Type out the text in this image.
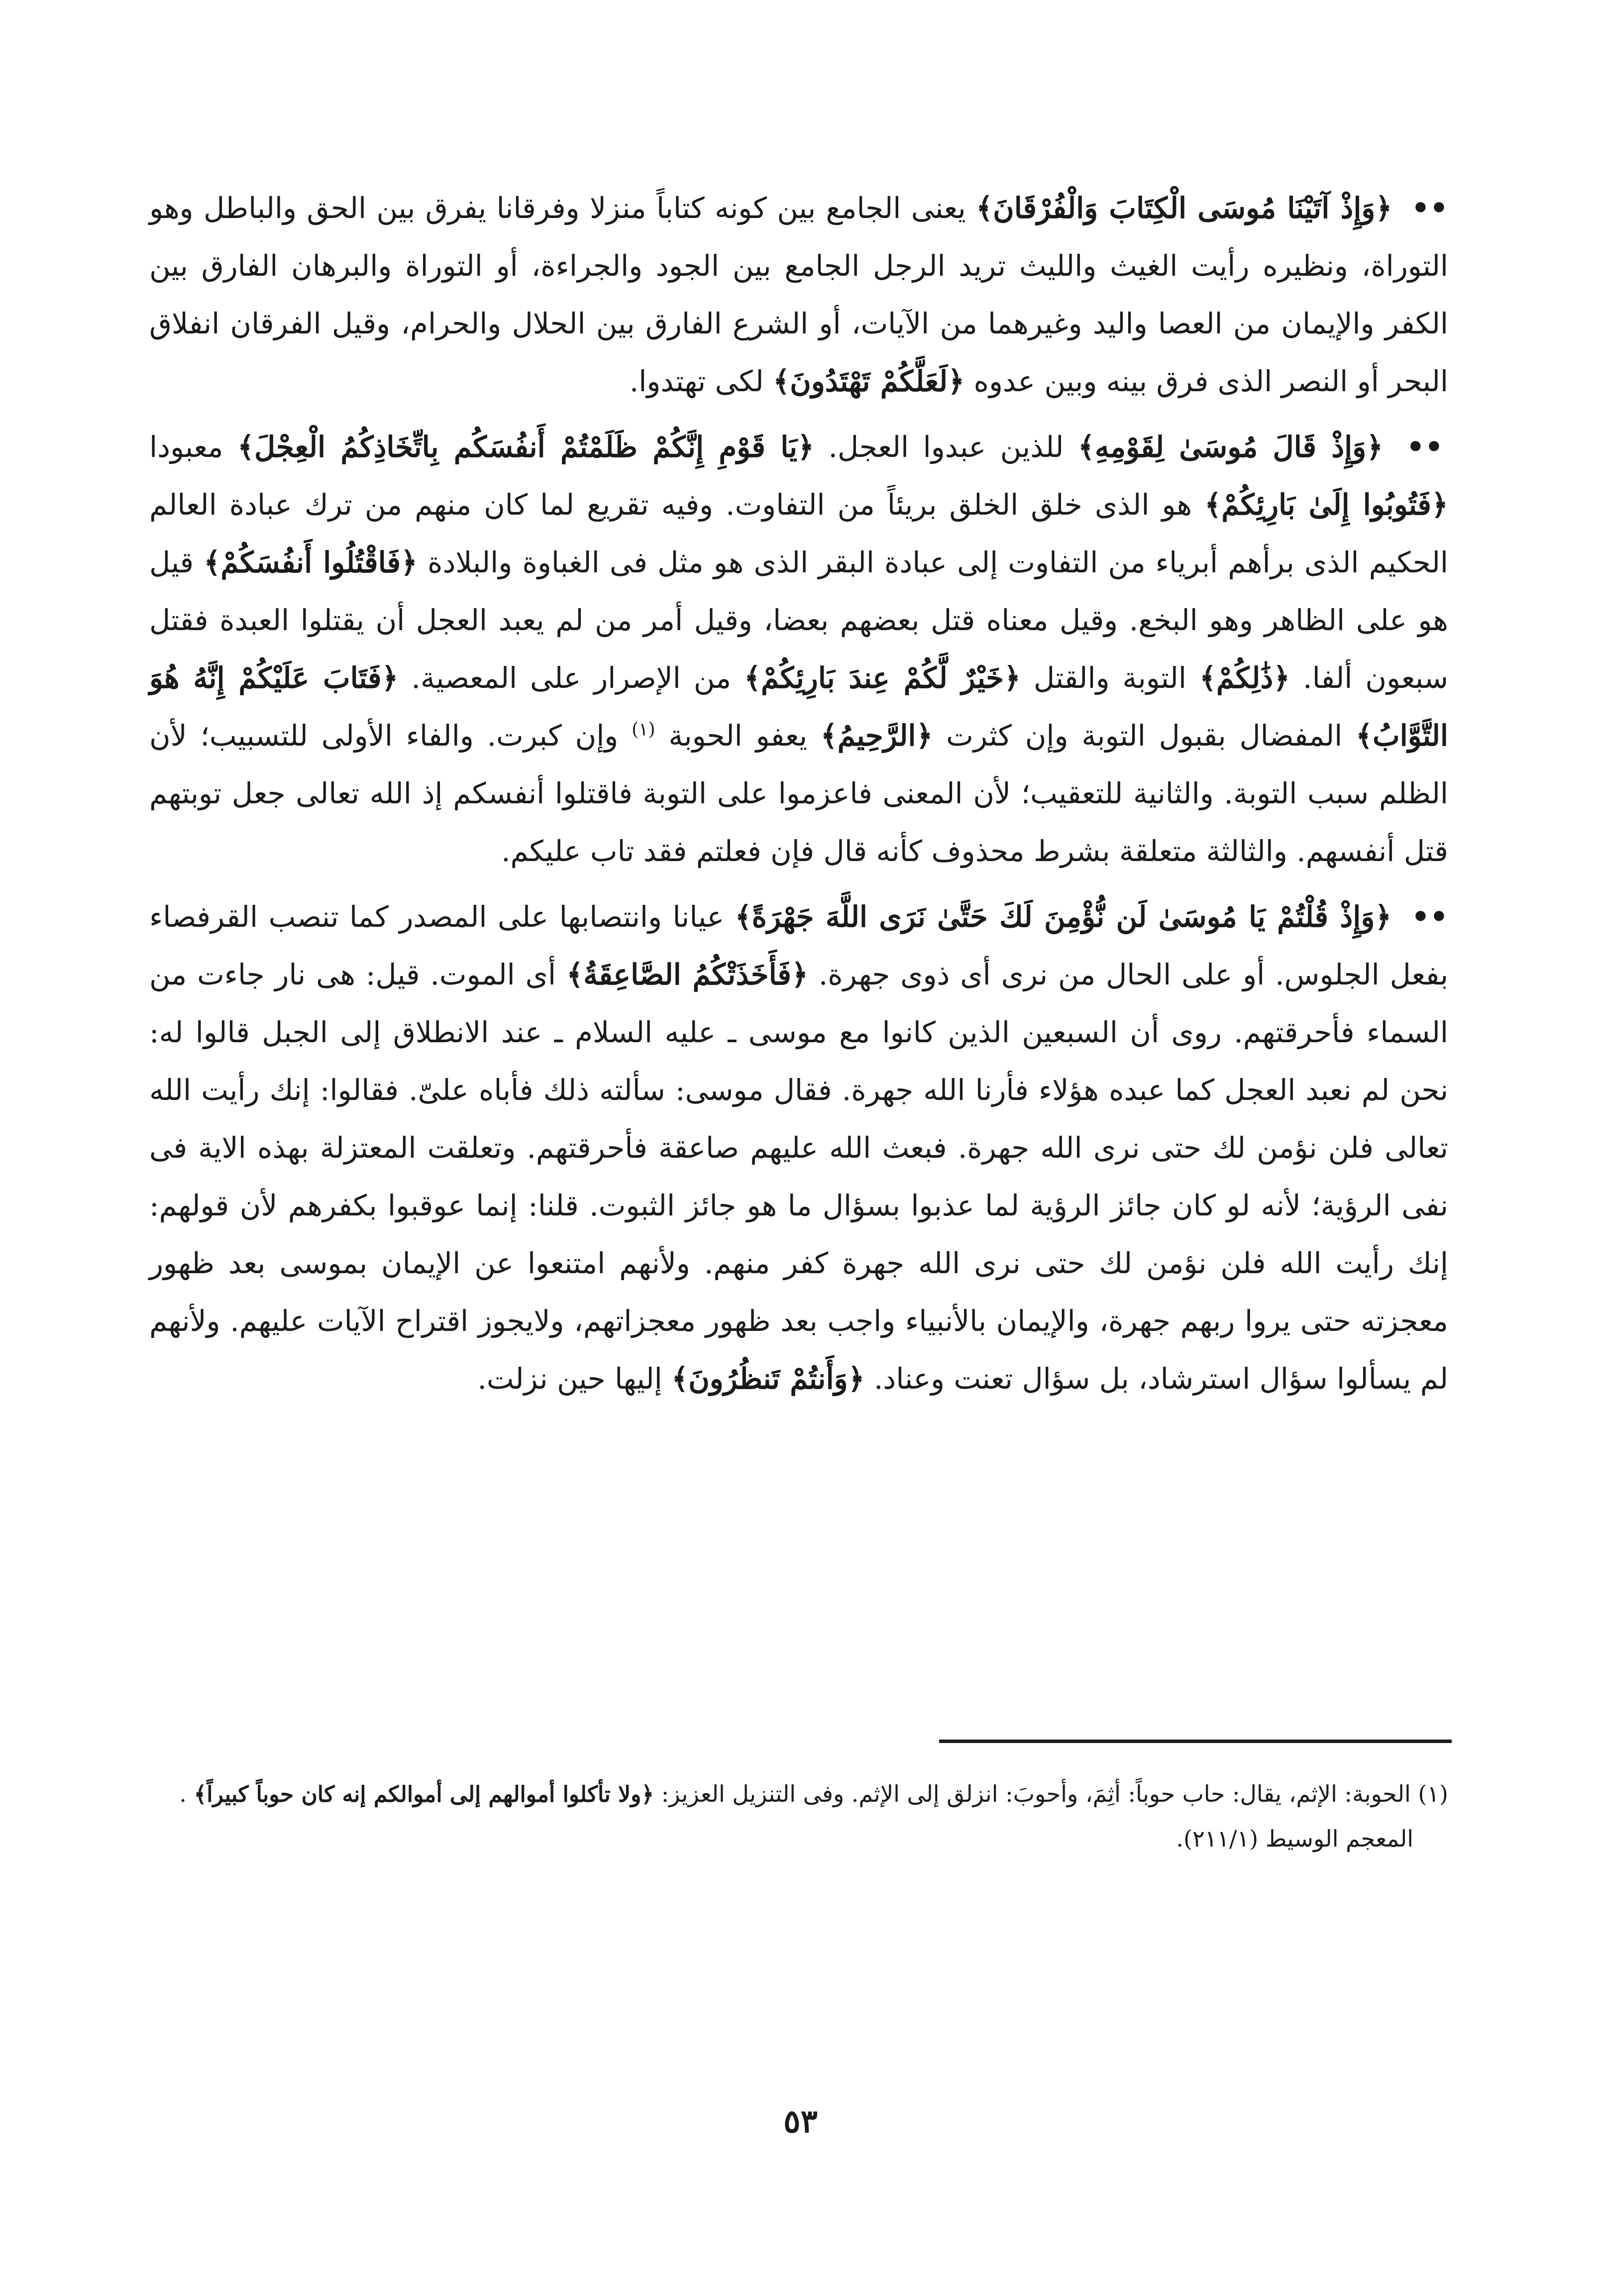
•• ﴿وَإِذْ آتَيْنَا مُوسَى الْكِتَابَ وَالْفُرْقَانَ﴾ يعنى الجامع بين كونه كتاباً منزلا وفرقانا يفرق بين الحق والباطل وهو التوراة، ونظيره رأيت الغيث والليث تريد الرجل الجامع بين الجود والجراءة، أو التوراة والبرهان الفارق بين الكفر والإيمان من العصا واليد وغيرهما من الآيات، أو الشرع الفارق بين الحلال والحرام، وقيل الفرقان انفلاق البحر أو النصر الذى فرق بينه وبين عدوه ﴿لَعَلَّكُمْ تَهْتَدُونَ﴾ لكى تهتدوا.

•• ﴿وَإِذْ قَالَ مُوسَىٰ لِقَوْمِهِ﴾ للذين عبدوا العجل. ﴿يَا قَوْمِ إِنَّكُمْ ظَلَمْتُمْ أَنفُسَكُم بِاتِّخَاذِكُمُ الْعِجْلَ﴾ معبودا ﴿فَتُوبُوا إِلَىٰ بَارِئِكُمْ﴾ هو الذى خلق الخلق بريئاً من التفاوت. وفيه تقريع لما كان منهم من ترك عبادة العالم الحكيم الذى برأهم أبرياء من التفاوت إلى عبادة البقر الذى هو مثل فى الغباوة والبلادة ﴿فَاقْتُلُوا أَنفُسَكُمْ﴾ قيل هو على الظاهر وهو البخع. وقيل معناه قتل بعضهم بعضا، وقيل أمر من لم يعبد العجل أن يقتلوا العبدة فقتل سبعون ألفا. ﴿ذَٰلِكُمْ﴾ التوبة والقتل ﴿خَيْرٌ لَّكُمْ عِندَ بَارِئِكُمْ﴾ من الإصرار على المعصية. ﴿فَتَابَ عَلَيْكُمْ إِنَّهُ هُوَ التَّوَّابُ﴾ المفضال بقبول التوبة وإن كثرت ﴿الرَّحِيمُ﴾ يعفو الحوبة $^{(١)}$ وإن كبرت. والفاء الأولى للتسبيب؛ لأن الظلم سبب التوبة. والثانية للتعقيب؛ لأن المعنى فاعزموا على التوبة فاقتلوا أنفسكم إذ الله تعالى جعل توبتهم قتل أنفسهم. والثالثة متعلقة بشرط محذوف كأنه قال فإن فعلتم فقد تاب عليكم.

•• ﴿وَإِذْ قُلْتُمْ يَا مُوسَىٰ لَن نُّؤْمِنَ لَكَ حَتَّىٰ نَرَى اللَّهَ جَهْرَةً﴾ عيانا وانتصابها على المصدر كما تنصب القرفصاء بفعل الجلوس. أو على الحال من نرى أى ذوى جهرة. ﴿فَأَخَذَتْكُمُ الصَّاعِقَةُ﴾ أى الموت. قيل: هى نار جاءت من السماء فأحرقتهم. روى أن السبعين الذين كانوا مع موسى ـ عليه السلام ـ عند الانطلاق إلى الجبل قالوا له: نحن لم نعبد العجل كما عبده هؤلاء فأرنا الله جهرة. فقال موسى: سألته ذلك فأباه علىّ. فقالوا: إنك رأيت الله تعالى فلن نؤمن لك حتى نرى الله جهرة. فبعث الله عليهم صاعقة فأحرقتهم. وتعلقت المعتزلة بهذه الاية فى نفى الرؤية؛ لأنه لو كان جائز الرؤية لما عذبوا بسؤال ما هو جائز الثبوت. قلنا: إنما عوقبوا بكفرهم لأن قولهم: إنك رأيت الله فلن نؤمن لك حتى نرى الله جهرة كفر منهم. ولأنهم امتنعوا عن الإيمان بموسى بعد ظهور معجزته حتى يروا ربهم جهرة، والإيمان بالأنبياء واجب بعد ظهور معجزاتهم، ولايجوز اقتراح الآيات عليهم. ولأنهم لم يسألوا سؤال استرشاد، بل سؤال تعنت وعناد. ﴿وَأَنتُمْ تَنظُرُونَ﴾ إليها حين نزلت.

(١) الحوبة: الإثم، يقال: حاب حوباً: أثِمَ، وأحوبَ: انزلق إلى الإثم. وفى التنزيل العزيز: ﴿ولا تأكلوا أموالهم إلى أموالكم إنه كان حوباً كبيراً﴾ .

المعجم الوسيط (٢١١/١).

٥٣
